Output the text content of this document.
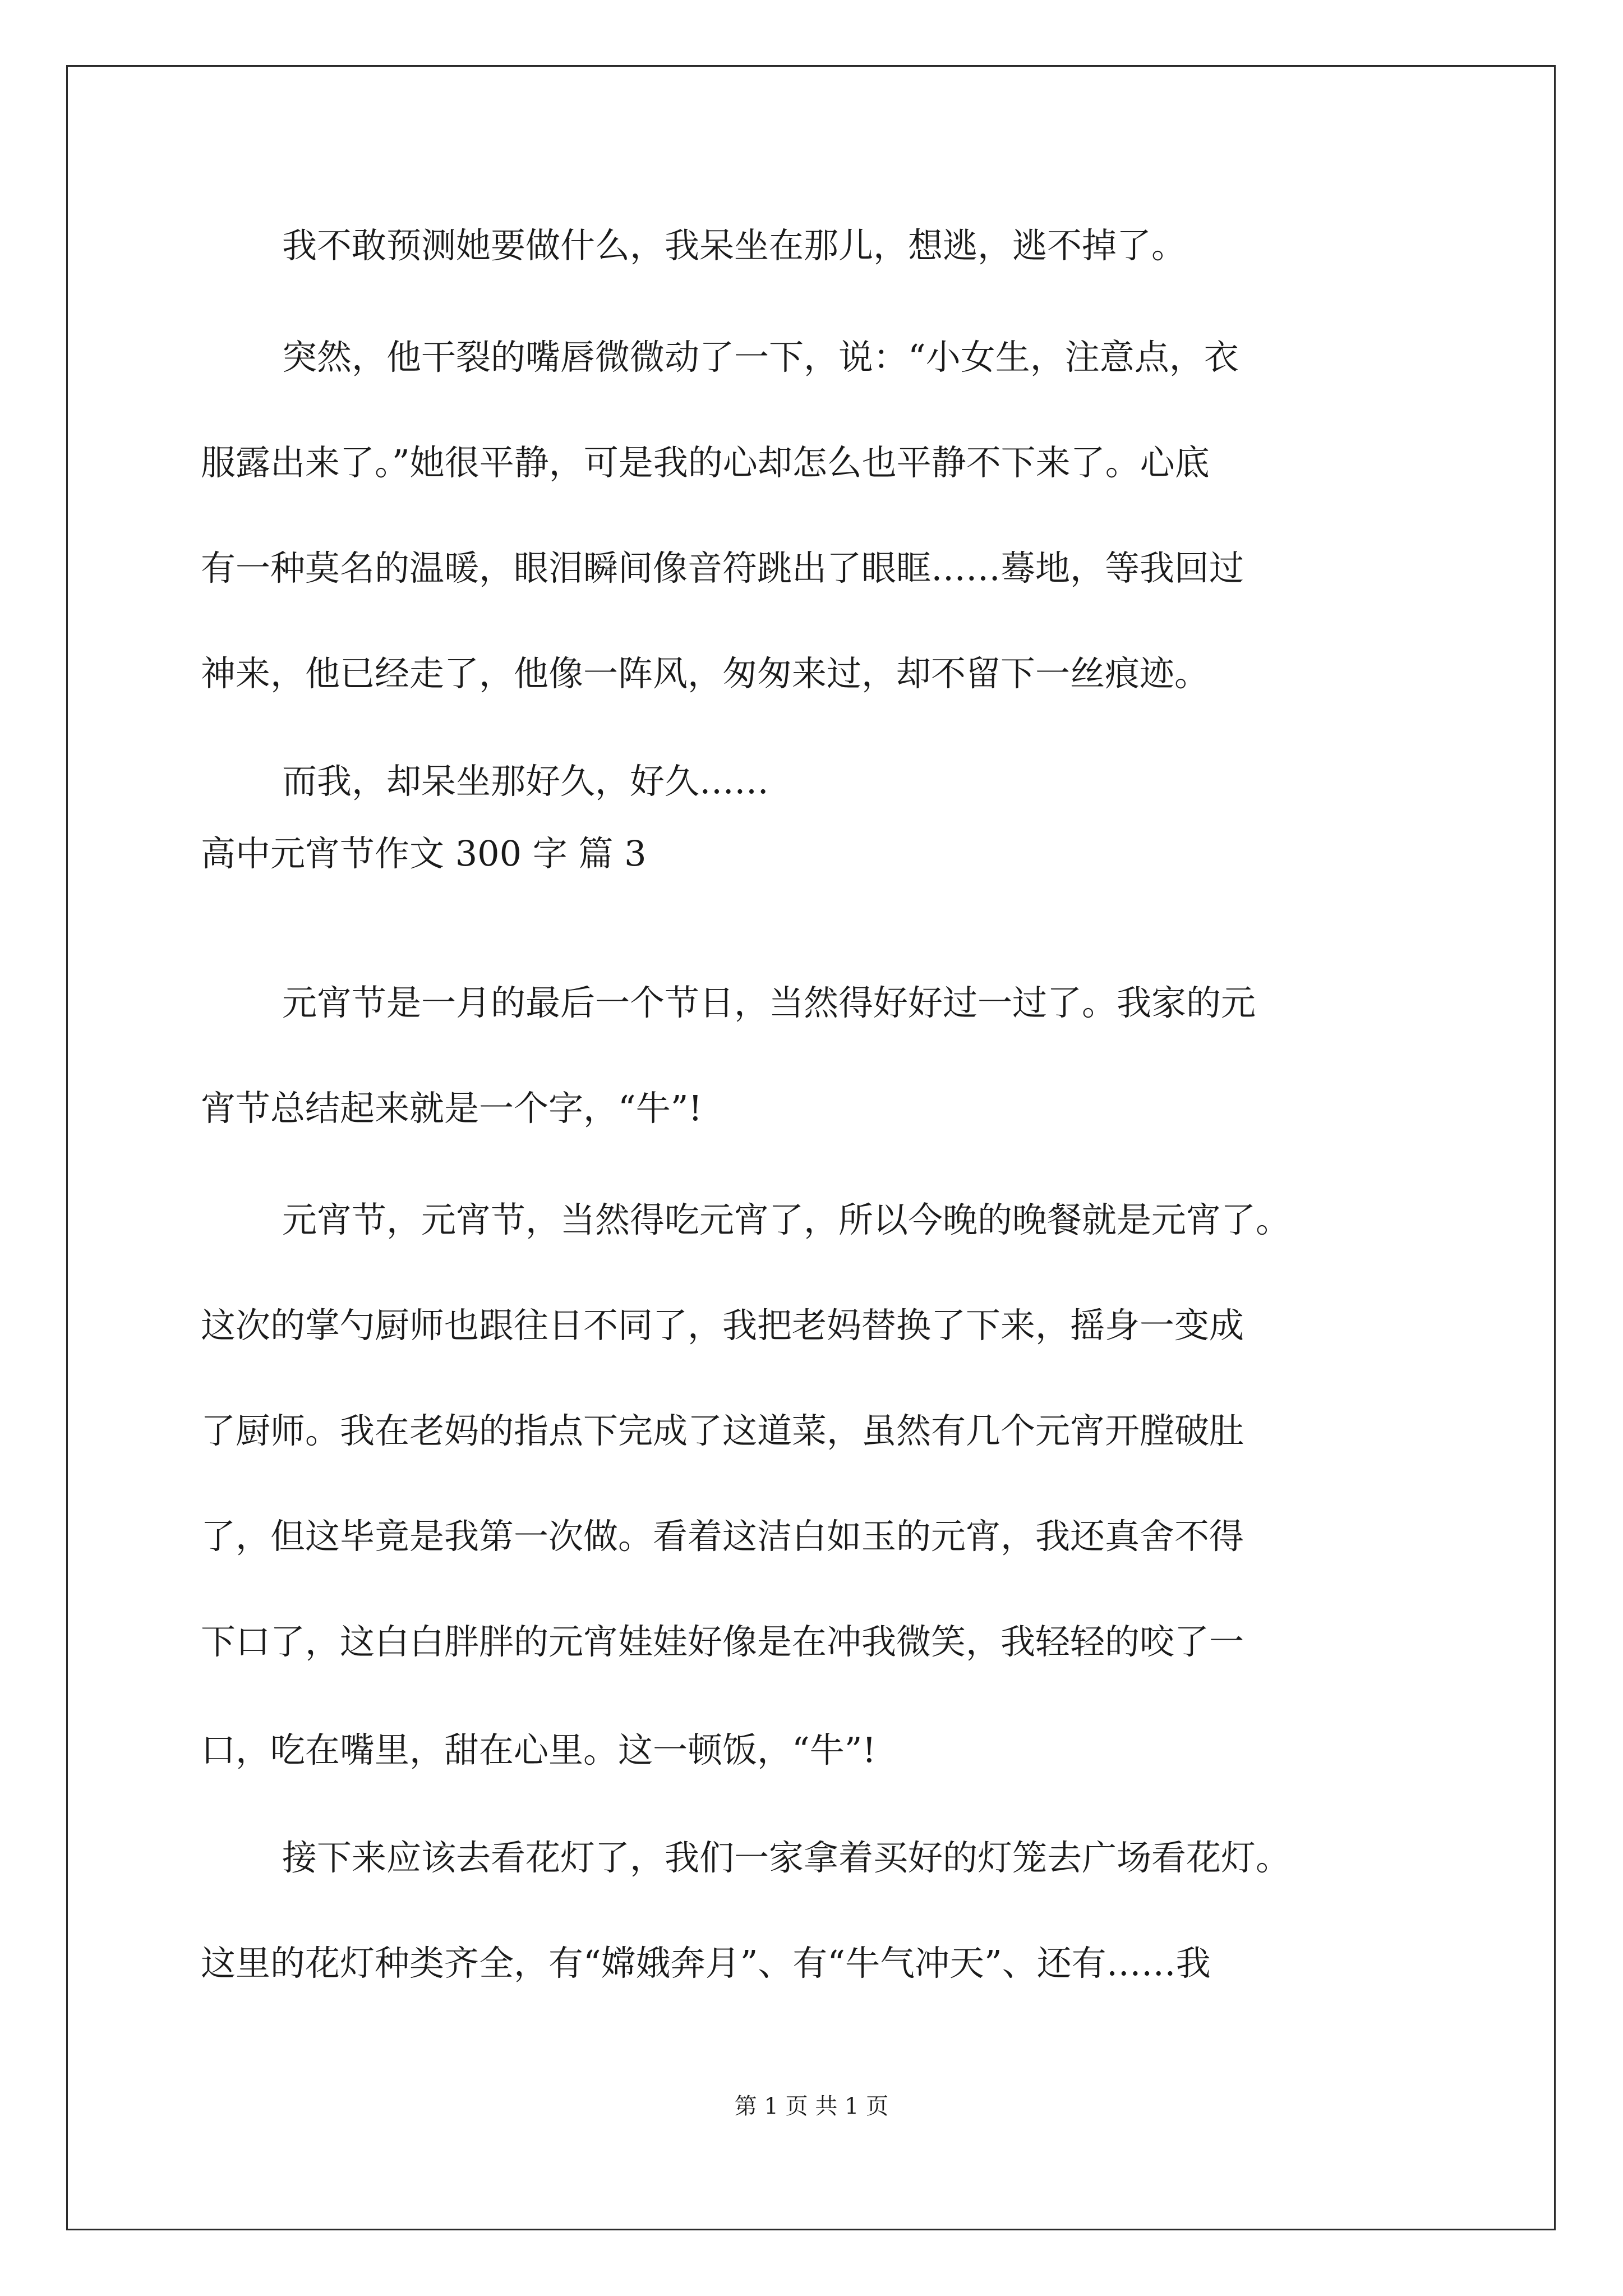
我不敢预测她要做什么，我呆坐在那儿，想逃，逃不掉了。
突然，他干裂的嘴唇微微动了一下，说：“小女生，注意点，衣
服露出来了。”她很平静，可是我的心却怎么也平静不下来了。心底
有一种莫名的温暖，眼泪瞬间像音符跳出了眼眶……蓦地，等我回过
神来，他已经走了，他像一阵风，匆匆来过，却不留下一丝痕迹。
而我，却呆坐那好久，好久……
高中元宵节作文 300 字 篇 3
元宵节是一月的最后一个节日，当然得好好过一过了。我家的元
宵节总结起来就是一个字，“牛”!
元宵节，元宵节，当然得吃元宵了，所以今晚的晚餐就是元宵了。
这次的掌勺厨师也跟往日不同了，我把老妈替换了下来，摇身一变成
了厨师。我在老妈的指点下完成了这道菜，虽然有几个元宵开膛破肚
了，但这毕竟是我第一次做。看着这洁白如玉的元宵，我还真舍不得
下口了，这白白胖胖的元宵娃娃好像是在冲我微笑，我轻轻的咬了一
口，吃在嘴里，甜在心里。这一顿饭，“牛”!
接下来应该去看花灯了，我们一家拿着买好的灯笼去广场看花灯。
这里的花灯种类齐全，有“嫦娥奔月”、有“牛气冲天”、还有……我
第 1 页 共 1 页
